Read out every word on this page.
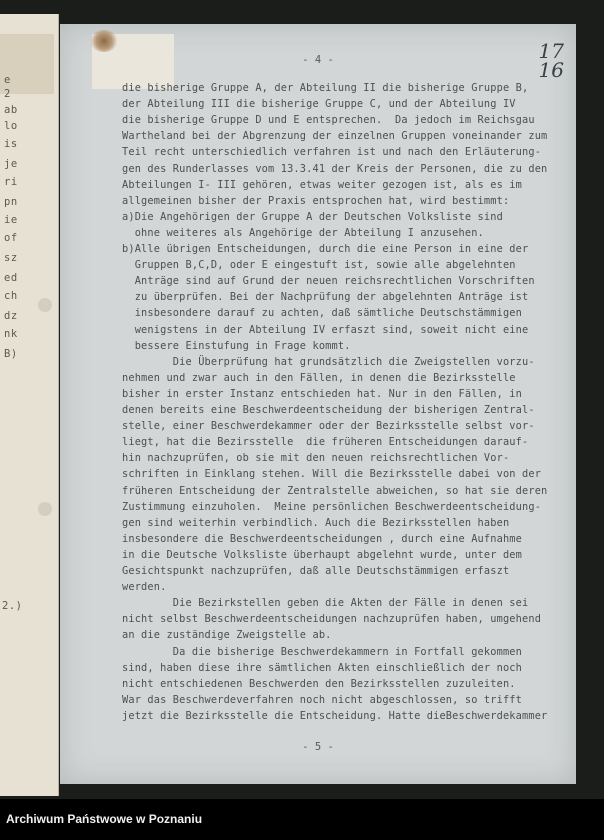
e
2
ab
lo
is
je
ri
pn
ie
of
sz
ed
ch
dz
nk
B)
2.)
- 4 -	17
16
die bisherige Gruppe A, der Abteilung II die bisherige Gruppe B,
der Abteilung III die bisherige Gruppe C, und der Abteilung IV
die bisherige Gruppe D und E entsprechen.  Da jedoch im Reichsgau
Wartheland bei der Abgrenzung der einzelnen Gruppen voneinander zum
Teil recht unterschiedlich verfahren ist und nach den Erläuterung-
gen des Runderlasses vom 13.3.41 der Kreis der Personen, die zu den
Abteilungen I- III gehören, etwas weiter gezogen ist, als es im
allgemeinen bisher der Praxis entsprochen hat, wird bestimmt:
a)Die Angehörigen der Gruppe A der Deutschen Volksliste sind
ohne weiteres als Angehörige der Abteilung I anzusehen.
b)Alle übrigen Entscheidungen, durch die eine Person in eine der
Gruppen B,C,D, oder E eingestuft ist, sowie alle abgelehnten
Anträge sind auf Grund der neuen reichsrechtlichen Vorschriften
zu überprüfen. Bei der Nachprüfung der abgelehnten Anträge ist
insbesondere darauf zu achten, daß sämtliche Deutschstämmigen
wenigstens in der Abteilung IV erfaszt sind, soweit nicht eine
bessere Einstufung in Frage kommt.
Die Überprüfung hat grundsätzlich die Zweigstellen vorzu-
nehmen und zwar auch in den Fällen, in denen die Bezirksstelle
bisher in erster Instanz entschieden hat. Nur in den Fällen, in
denen bereits eine Beschwerdeentscheidung der bisherigen Zentral-
stelle, einer Beschwerdekammer oder der Bezirksstelle selbst vor-
liegt, hat die Bezirsstelle  die früheren Entscheidungen darauf-
hin nachzuprüfen, ob sie mit den neuen reichsrechtlichen Vor-
schriften in Einklang stehen. Will die Bezirksstelle dabei von der
früheren Entscheidung der Zentralstelle abweichen, so hat sie deren
Zustimmung einzuholen.  Meine persönlichen Beschwerdeentscheidung-
gen sind weiterhin verbindlich. Auch die Bezirksstellen haben
insbesondere die Beschwerdeentscheidungen , durch eine Aufnahme
in die Deutsche Volksliste überhaupt abgelehnt wurde, unter dem
Gesichtspunkt nachzuprüfen, daß alle Deutschstämmigen erfaszt
werden.
Die Bezirkstellen geben die Akten der Fälle in denen sei
nicht selbst Beschwerdeentscheidungen nachzuprüfen haben, umgehend
an die zuständige Zweigstelle ab.
Da die bisherige Beschwerdekammern in Fortfall gekommen
sind, haben diese ihre sämtlichen Akten einschließlich der noch
nicht entschiedenen Beschwerden den Bezirksstellen zuzuleiten.
War das Beschwerdeverfahren noch nicht abgeschlossen, so trifft
jetzt die Bezirksstelle die Entscheidung. Hatte dieBeschwerdekammer
- 5 -
Archiwum Państwowe w Poznaniu
